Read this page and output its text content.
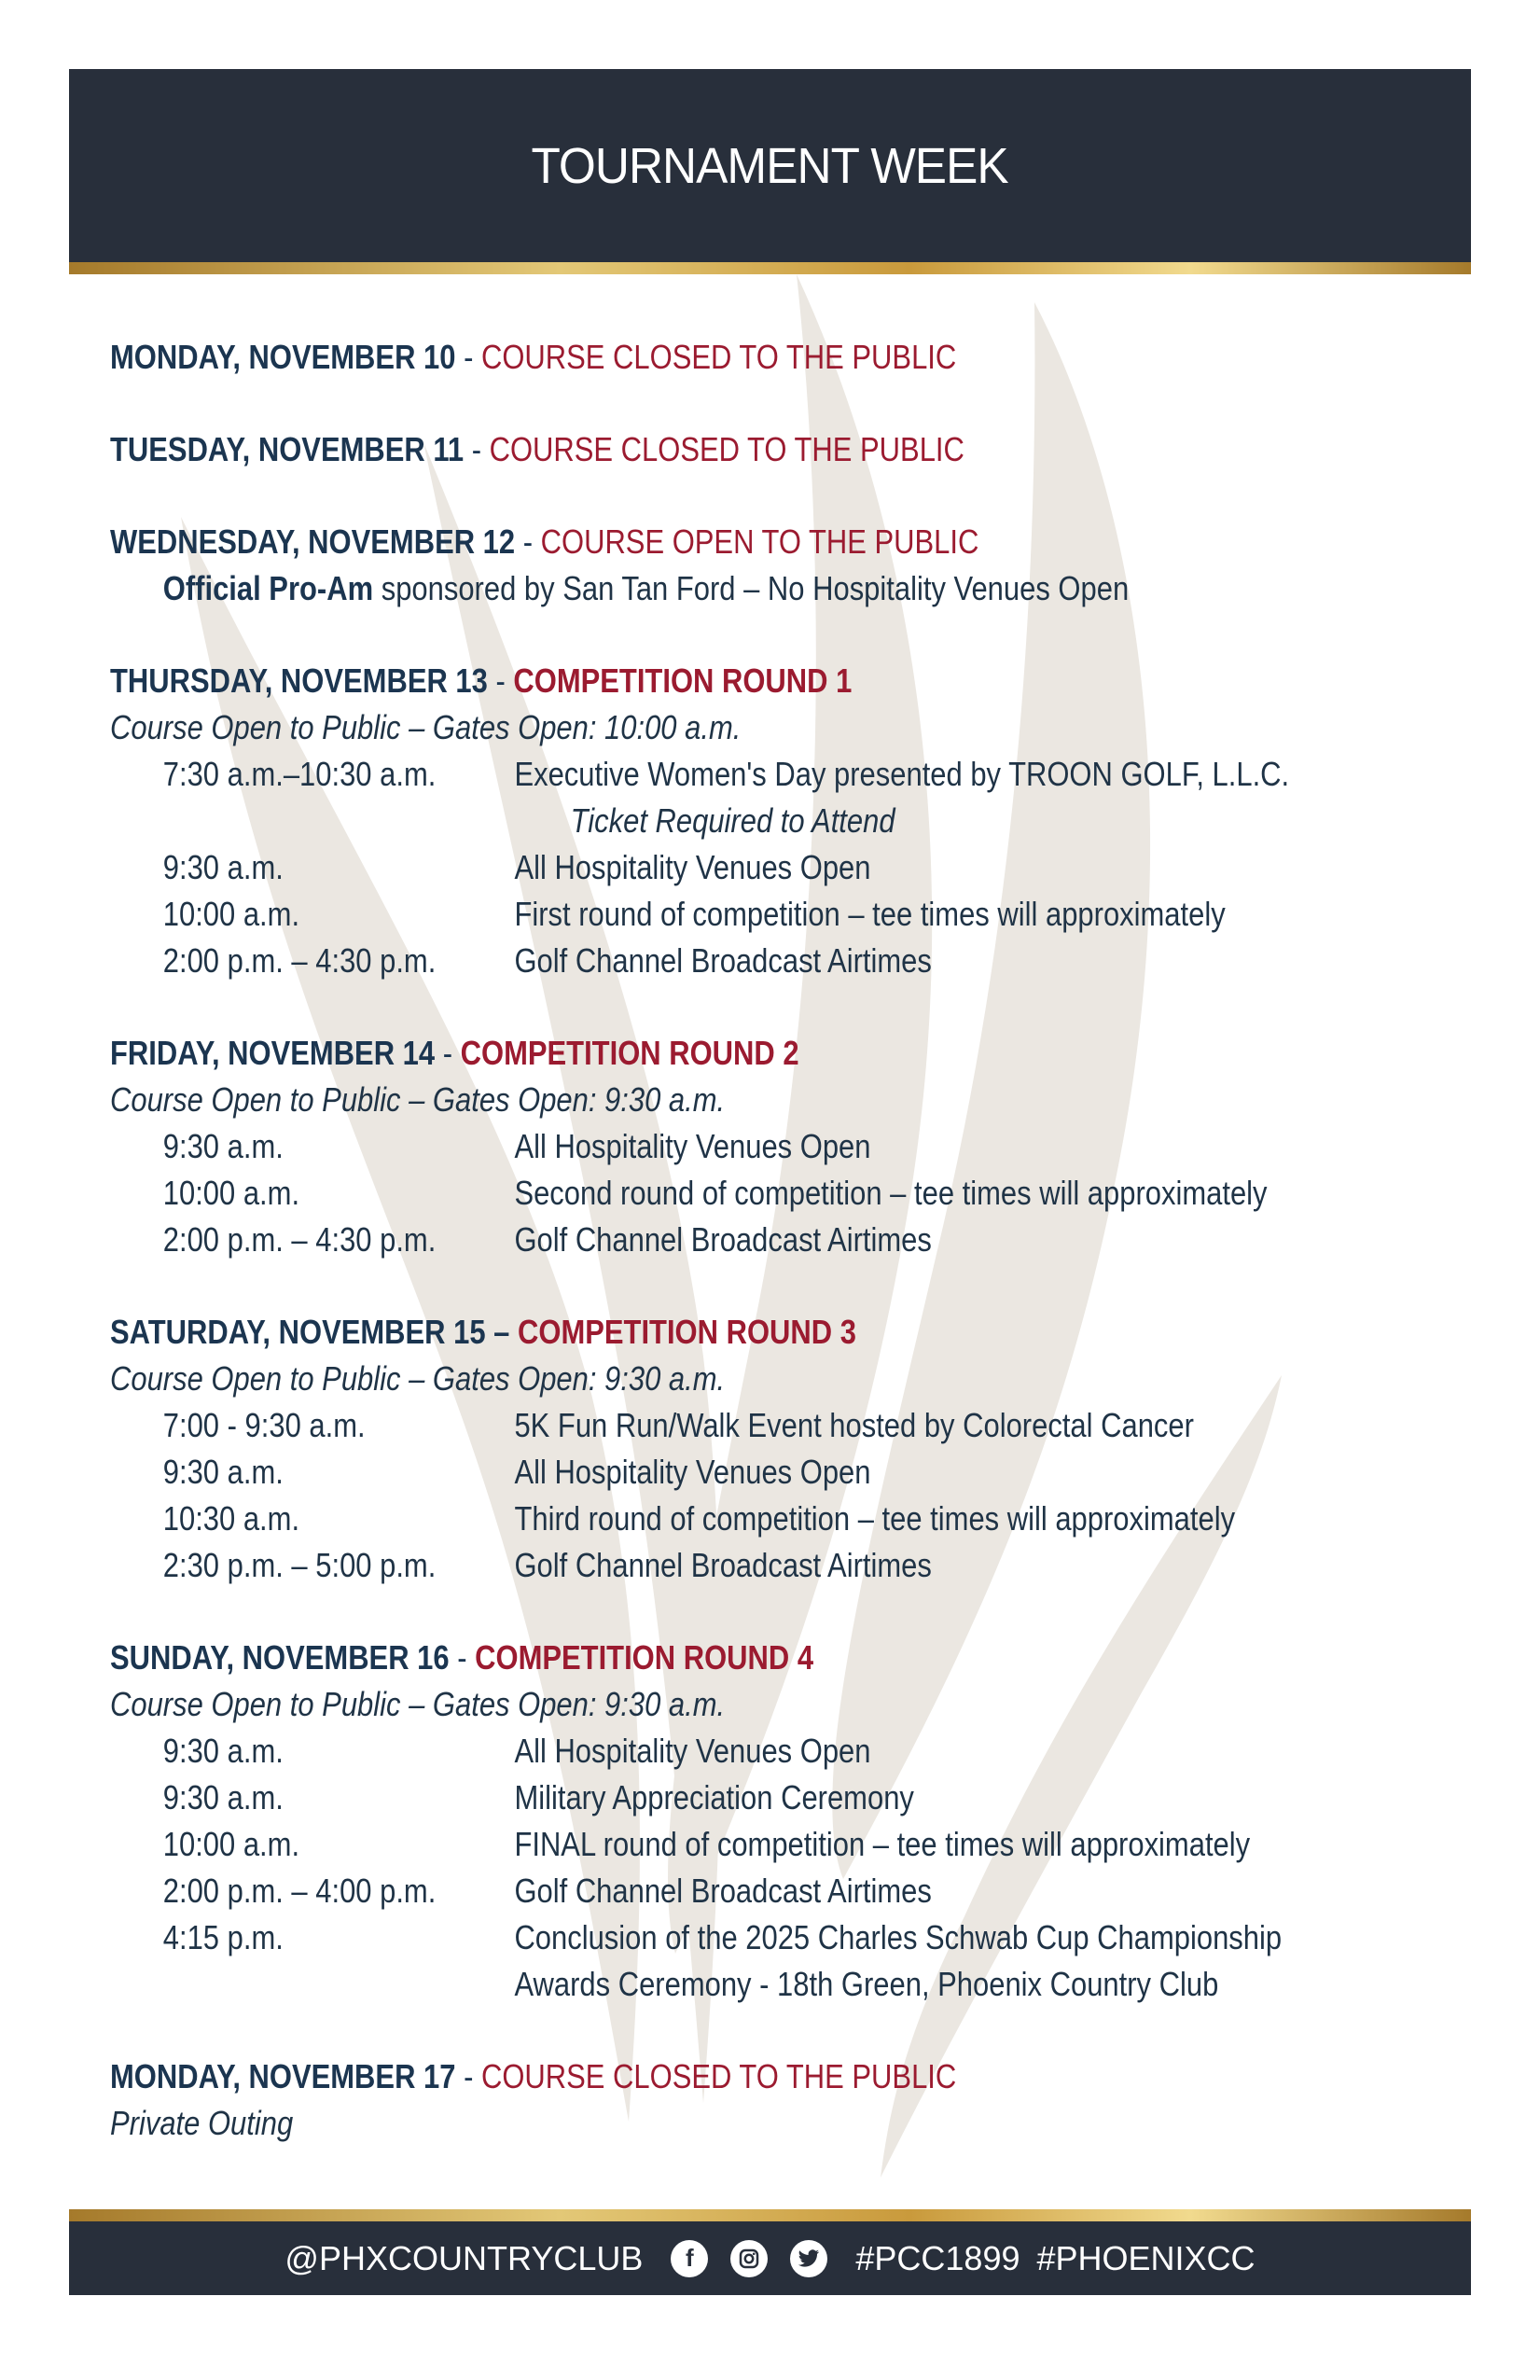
TOURNAMENT WEEK
MONDAY, NOVEMBER 10 - COURSE CLOSED TO THE PUBLIC
TUESDAY, NOVEMBER 11 - COURSE CLOSED TO THE PUBLIC
WEDNESDAY, NOVEMBER 12 - COURSE OPEN TO THE PUBLIC
Official Pro-Am sponsored by San Tan Ford – No Hospitality Venues Open
THURSDAY, NOVEMBER 13 - COMPETITION ROUND 1
Course Open to Public – Gates Open: 10:00 a.m.
7:30 a.m.–10:30 a.m. Executive Women's Day presented by TROON GOLF, L.L.C.
Ticket Required to Attend
9:30 a.m.	All Hospitality Venues Open
10:00 a.m.	First round of competition – tee times will approximately
2:00 p.m. – 4:30 p.m. Golf Channel Broadcast Airtimes
FRIDAY, NOVEMBER 14 - COMPETITION ROUND 2
Course Open to Public – Gates Open: 9:30 a.m.
9:30 a.m.	All Hospitality Venues Open
10:00 a.m.	Second round of competition – tee times will approximately
2:00 p.m. – 4:30 p.m. Golf Channel Broadcast Airtimes
SATURDAY, NOVEMBER 15 – COMPETITION ROUND 3
Course Open to Public – Gates Open: 9:30 a.m.
7:00 - 9:30 a.m.	5K Fun Run/Walk Event hosted by Colorectal Cancer
9:30 a.m.	All Hospitality Venues Open
10:30 a.m.	Third round of competition – tee times will approximately
2:30 p.m. – 5:00 p.m. Golf Channel Broadcast Airtimes
SUNDAY, NOVEMBER 16 - COMPETITION ROUND 4
Course Open to Public – Gates Open: 9:30 a.m.
9:30 a.m.	All Hospitality Venues Open
9:30 a.m.	Military Appreciation Ceremony
10:00 a.m.	FINAL round of competition – tee times will approximately
2:00 p.m. – 4:00 p.m. Golf Channel Broadcast Airtimes
4:15 p.m.	Conclusion of the 2025 Charles Schwab Cup Championship
Awards Ceremony - 18th Green, Phoenix Country Club
MONDAY, NOVEMBER 17 - COURSE CLOSED TO THE PUBLIC
Private Outing
@PHXCOUNTRYCLUB	f	#PCC1899 #PHOENIXCC
